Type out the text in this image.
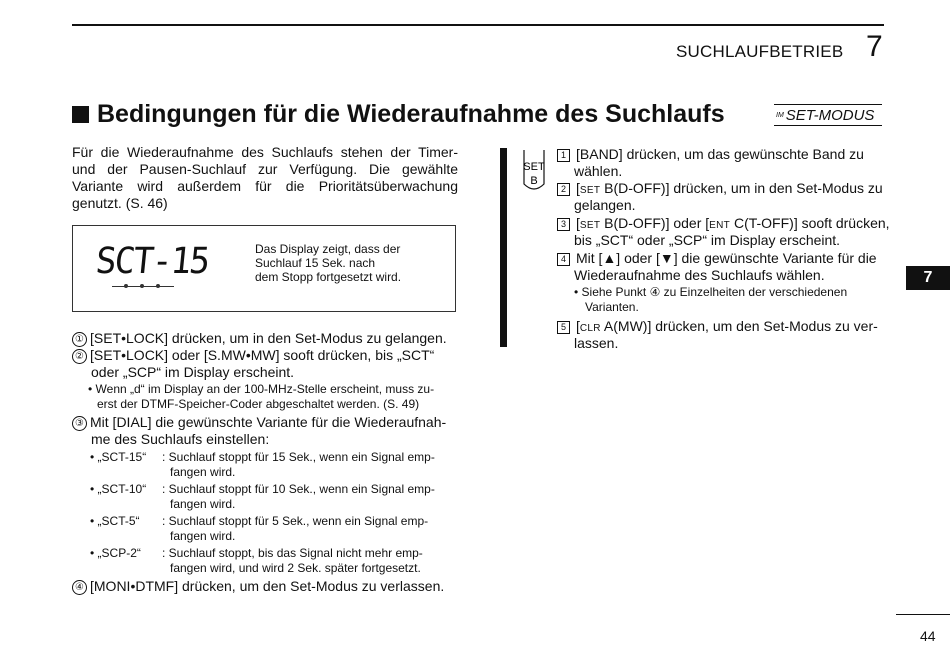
SUCHLAUFBETRIEB 7
Bedingungen für die Wiederaufnahme des Suchlaufs	IM SET-MODUS
Für die Wiederaufnahme des Suchlaufs stehen der Timer- und der Pausen-Suchlauf zur Verfügung. Die gewählte Variante wird außerdem für die Prioritätsüberwachung genutzt. (S. 46)
SCT-15	Das Display zeigt, dass der
Suchlauf 15 Sek. nach
dem Stopp fortgesetzt wird.
① [SET•LOCK] drücken, um in den Set-Modus zu gelangen.
② [SET•LOCK] oder [S.MW•MW] sooft drücken, bis „SCT“
oder „SCP“ im Display erscheint.
• Wenn „d“ im Display an der 100-MHz-Stelle erscheint, muss zu-
erst der DTMF-Speicher-Coder abgeschaltet werden. (S. 49)
③ Mit [DIAL] die gewünschte Variante für die Wiederaufnah-
me des Suchlaufs einstellen:
• „SCT-15“ : Suchlauf stoppt für 15 Sek., wenn ein Signal emp-
fangen wird.
• „SCT-10“ : Suchlauf stoppt für 10 Sek., wenn ein Signal emp-
fangen wird.
• „SCT-5“ : Suchlauf stoppt für 5 Sek., wenn ein Signal emp-
fangen wird.
• „SCP-2“ : Suchlauf stoppt, bis das Signal nicht mehr emp-
fangen wird, und wird 2 Sek. später fortgesetzt.
④ [MONI•DTMF] drücken, um den Set-Modus zu verlassen.
SET
B
1 [BAND] drücken, um das gewünschte Band zu
wählen.
2 [SET B(D-OFF)] drücken, um in den Set-Modus zu
gelangen.
3 [SET B(D-OFF)] oder [ENT C(T-OFF)] sooft drücken,
bis „SCT“ oder „SCP“ im Display erscheint.
4 Mit [▲] oder [▼] die gewünschte Variante für die
Wiederaufnahme des Suchlaufs wählen.
• Siehe Punkt ④ zu Einzelheiten der verschiedenen
Varianten.
5 [CLR A(MW)] drücken, um den Set-Modus zu ver-
lassen.
7
44
